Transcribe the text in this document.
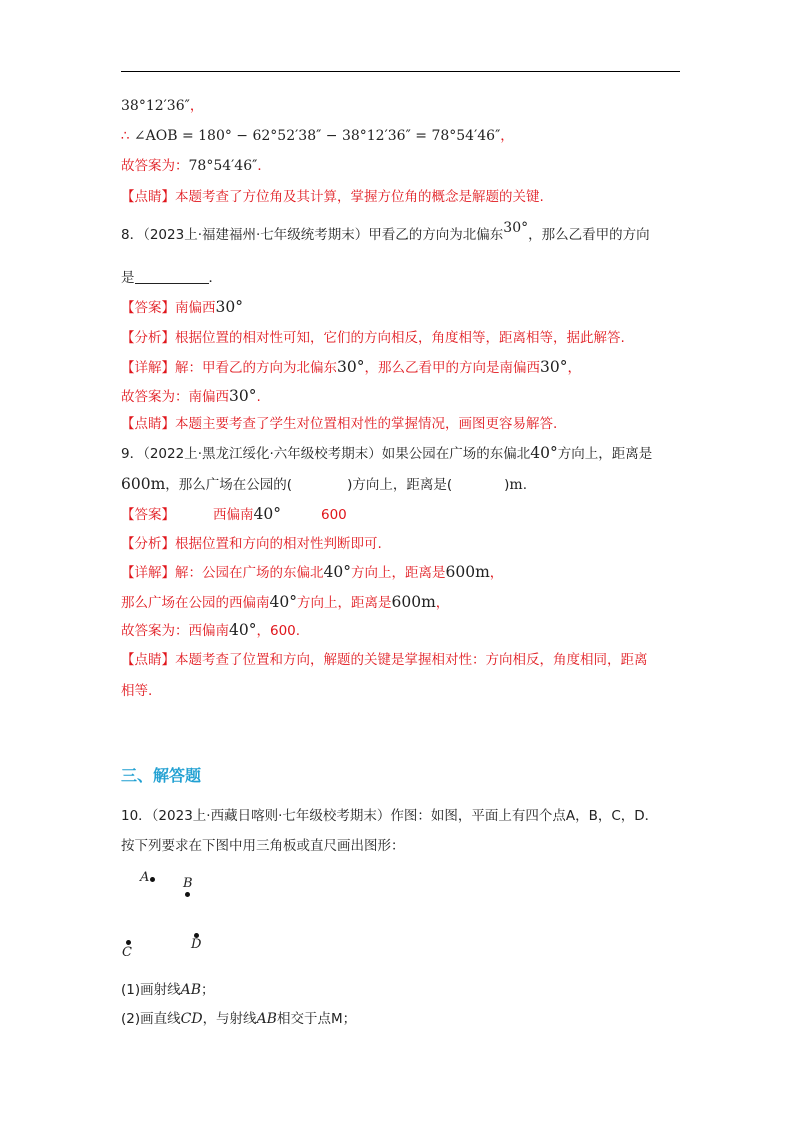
38°12′36″，
∴ ∠AOB = 180° − 62°52′38″ − 38°12′36″ = 78°54′46″，
故答案为：78°54′46″．
【点睛】本题考查了方位角及其计算，掌握方位角的概念是解题的关键.
8．（2023上·福建福州·七年级统考期末）甲看乙的方向为北偏东30°，那么乙看甲的方向
是	．
【答案】南偏西30°
【分析】根据位置的相对性可知，它们的方向相反，角度相等，距离相等，据此解答.
【详解】解：甲看乙的方向为北偏东30°，那么乙看甲的方向是南偏西30°，
故答案为：南偏西30°.
【点睛】本题主要考查了学生对位置相对性的掌握情况，画图更容易解答.
9．（2022上·黑龙江绥化·六年级校考期末）如果公园在广场的东偏北40°方向上，距离是
600m，那么广场在公园的(	)方向上，距离是(	)m.
【答案】	西偏南40°	600
【分析】根据位置和方向的相对性判断即可.
【详解】解：公园在广场的东偏北40°方向上，距离是600m，
那么广场在公园的西偏南40°方向上，距离是600m，
故答案为：西偏南40°，600.
【点睛】本题考查了位置和方向，解题的关键是掌握相对性：方向相反，角度相同，距离
相等.
三、解答题
10．（2023上·西藏日喀则·七年级校考期末）作图：如图，平面上有四个点A，B，C，D．
按下列要求在下图中用三角板或直尺画出图形：
A	B
C
D
(1)画射线AB；
(2)画直线CD，与射线AB相交于点M；
